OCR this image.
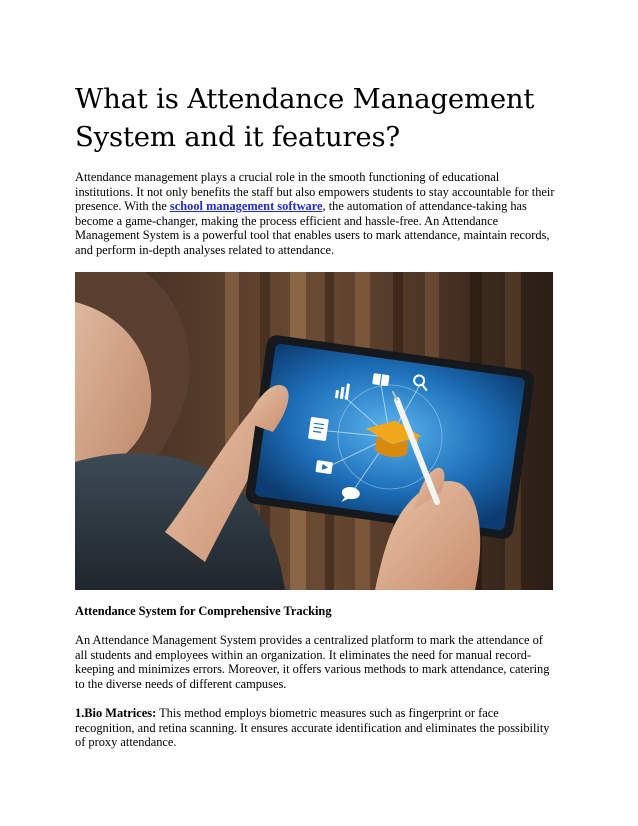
What is Attendance Management System and it features?

Attendance management plays a crucial role in the smooth functioning of educational institutions. It not only benefits the staff but also empowers students to stay accountable for their presence. With the school management software, the automation of attendance-taking has become a game-changer, making the process efficient and hassle-free. An Attendance Management System is a powerful tool that enables users to mark attendance, maintain records, and perform in-depth analyses related to attendance.

Attendance System for Comprehensive Tracking

An Attendance Management System provides a centralized platform to mark the attendance of all students and employees within an organization. It eliminates the need for manual record-keeping and minimizes errors. Moreover, it offers various methods to mark attendance, catering to the diverse needs of different campuses.

1.Bio Matrices: This method employs biometric measures such as fingerprint or face recognition, and retina scanning. It ensures accurate identification and eliminates the possibility of proxy attendance.
